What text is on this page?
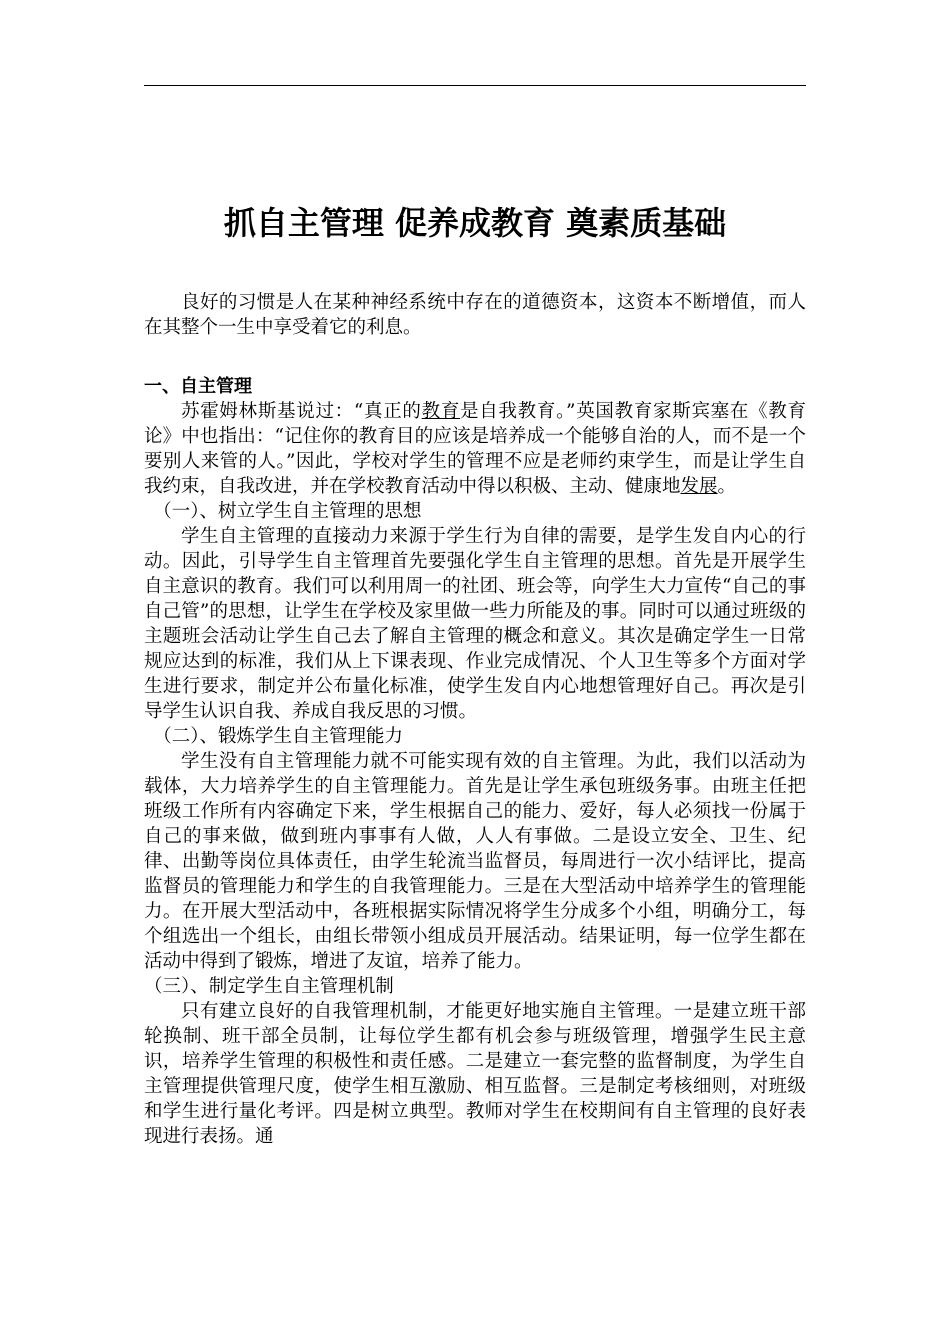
抓自主管理 促养成教育 奠素质基础

良好的习惯是人在某种神经系统中存在的道德资本，这资本不断增值，而人在其整个一生中享受着它的利息。

一、自主管理

苏霍姆林斯基说过：“真正的教育是自我教育。”英国教育家斯宾塞在《教育论》中也指出：“记住你的教育目的应该是培养成一个能够自治的人，而不是一个要别人来管的人。”因此，学校对学生的管理不应是老师约束学生，而是让学生自我约束，自我改进，并在学校教育活动中得以积极、主动、健康地发展。

（一）、树立学生自主管理的思想

学生自主管理的直接动力来源于学生行为自律的需要，是学生发自内心的行动。因此，引导学生自主管理首先要强化学生自主管理的思想。首先是开展学生自主意识的教育。我们可以利用周一的社团、班会等，向学生大力宣传“自己的事自己管”的思想，让学生在学校及家里做一些力所能及的事。同时可以通过班级的主题班会活动让学生自己去了解自主管理的概念和意义。其次是确定学生一日常规应达到的标准，我们从上下课表现、作业完成情况、个人卫生等多个方面对学生进行要求，制定并公布量化标准，使学生发自内心地想管理好自己。再次是引导学生认识自我、养成自我反思的习惯。

（二）、锻炼学生自主管理能力

学生没有自主管理能力就不可能实现有效的自主管理。为此，我们以活动为载体，大力培养学生的自主管理能力。首先是让学生承包班级务事。由班主任把班级工作所有内容确定下来，学生根据自己的能力、爱好，每人必须找一份属于自己的事来做，做到班内事事有人做，人人有事做。二是设立安全、卫生、纪律、出勤等岗位具体责任，由学生轮流当监督员，每周进行一次小结评比，提高监督员的管理能力和学生的自我管理能力。三是在大型活动中培养学生的管理能力。在开展大型活动中，各班根据实际情况将学生分成多个小组，明确分工，每个组选出一个组长，由组长带领小组成员开展活动。结果证明，每一位学生都在活动中得到了锻炼，增进了友谊，培养了能力。

（三）、制定学生自主管理机制

只有建立良好的自我管理机制，才能更好地实施自主管理。一是建立班干部轮换制、班干部全员制，让每位学生都有机会参与班级管理，增强学生民主意识，培养学生管理的积极性和责任感。二是建立一套完整的监督制度，为学生自主管理提供管理尺度，使学生相互激励、相互监督。三是制定考核细则，对班级和学生进行量化考评。四是树立典型。教师对学生在校期间有自主管理的良好表现进行表扬。通
